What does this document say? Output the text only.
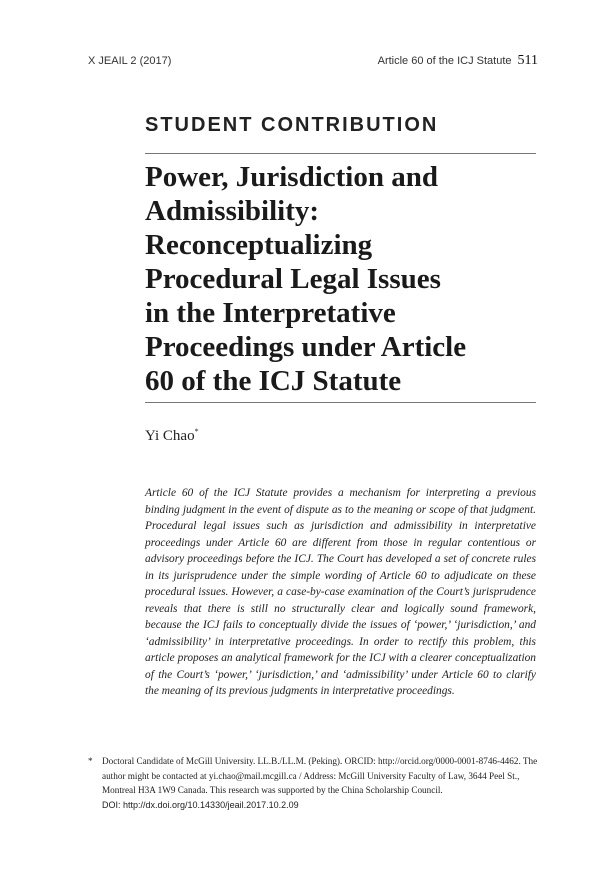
X JEAIL 2 (2017)	Article 60 of the ICJ Statute 511
STUDENT CONTRIBUTION
Power, Jurisdiction and
Admissibility:
Reconceptualizing
Procedural Legal Issues
in the Interpretative
Proceedings under Article
60 of the ICJ Statute
Yi Chao*

Article 60 of the ICJ Statute provides a mechanism for interpreting a previous binding judgment in the event of dispute as to the meaning or scope of that judgment. Procedural legal issues such as jurisdiction and admissibility in interpretative proceedings under Article 60 are different from those in regular contentious or advisory proceedings before the ICJ. The Court has developed a set of concrete rules in its jurisprudence under the simple wording of Article 60 to adjudicate on these procedural issues. However, a case-by-case examination of the Court’s jurisprudence reveals that there is still no structurally clear and logically sound framework, because the ICJ fails to conceptually divide the issues of ‘power,’ ‘jurisdiction,’ and ‘admissibility’ in interpretative proceedings. In order to rectify this problem, this article proposes an analytical framework for the ICJ with a clearer conceptualization of the Court’s ‘power,’ ‘jurisdiction,’ and ‘admissibility’ under Article 60 to clarify the meaning of its previous judgments in interpretative proceedings.

* Doctoral Candidate of McGill University. LL.B./LL.M. (Peking). ORCID: http://orcid.org/0000-0001-8746-4462. The author might be contacted at yi.chao@mail.mcgill.ca / Address: McGill University Faculty of Law, 3644 Peel St., Montreal H3A 1W9 Canada. This research was supported by the China Scholarship Council.
DOI: http://dx.doi.org/10.14330/jeail.2017.10.2.09
